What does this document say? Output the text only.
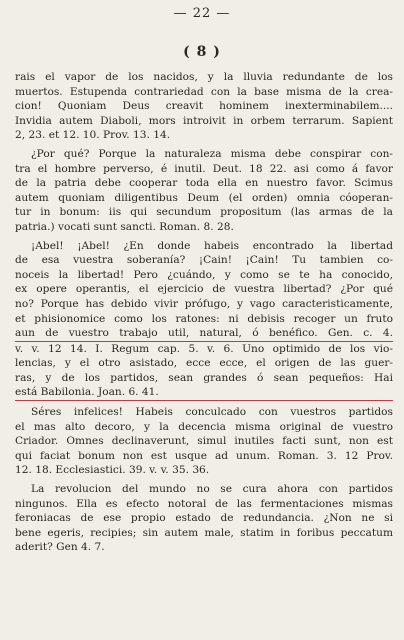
— 22 —
( 8 )
rais el vapor de los nacidos, y la lluvia redundante de los
muertos. Estupenda contrariedad con la base misma de la crea-
cion! Quoniam Deus creavit hominem inexterminabilem....
Invidia autem Diaboli, mors introivit in orbem terrarum. Sapient
2, 23. et 12. 10. Prov. 13. 14.
¿Por qué? Porque la naturaleza misma debe conspirar con-
tra el hombre perverso, é inutil. Deut. 18 22. asi como á favor
de la patria debe cooperar toda ella en nuestro favor. Scimus
autem quoniam diligentibus Deum (el orden) omnia cóoperan-
tur in bonum: iis qui secundum propositum (las armas de la
patria.) vocati sunt sancti. Roman. 8. 28.
¡Abel! ¡Abel! ¿En donde habeis encontrado la libertad
de esa vuestra soberanía? ¡Cain! ¡Cain! Tu tambien co-
noceis la libertad! Pero ¿cuándo, y como se te ha conocido,
ex opere operantis, el ejercicio de vuestra libertad? ¿Por qué
no? Porque has debido vivir prófugo, y vago caracteristicamente,
et phisionomice como los ratones: ni debisis recoger un fruto
aun de vuestro trabajo util, natural, ó benéfico. Gen. c. 4.
v. v. 12 14. I. Regum cap. 5. v. 6. Uno optimido de los vio-
lencias, y el otro asistado, ecce ecce, el origen de las guer-
ras, y de los partidos, sean grandes ó sean pequeños: Hai
está Babilonia. Joan. 6. 41.
Séres infelices! Habeis conculcado con vuestros partidos
el mas alto decoro, y la decencia misma original de vuestro
Criador. Omnes declinaverunt, simul inutiles facti sunt, non est
qui faciat bonum non est usque ad unum. Roman. 3. 12 Prov.
12. 18. Ecclesiastici. 39. v. v. 35. 36.
La revolucion del mundo no se cura ahora con partidos
ningunos. Ella es efecto notoral de las fermentaciones mismas
feroniacas de ese propio estado de redundancia. ¿Non ne si
bene egeris, recipies; sin autem male, statim in foribus peccatum
aderit? Gen 4. 7.
